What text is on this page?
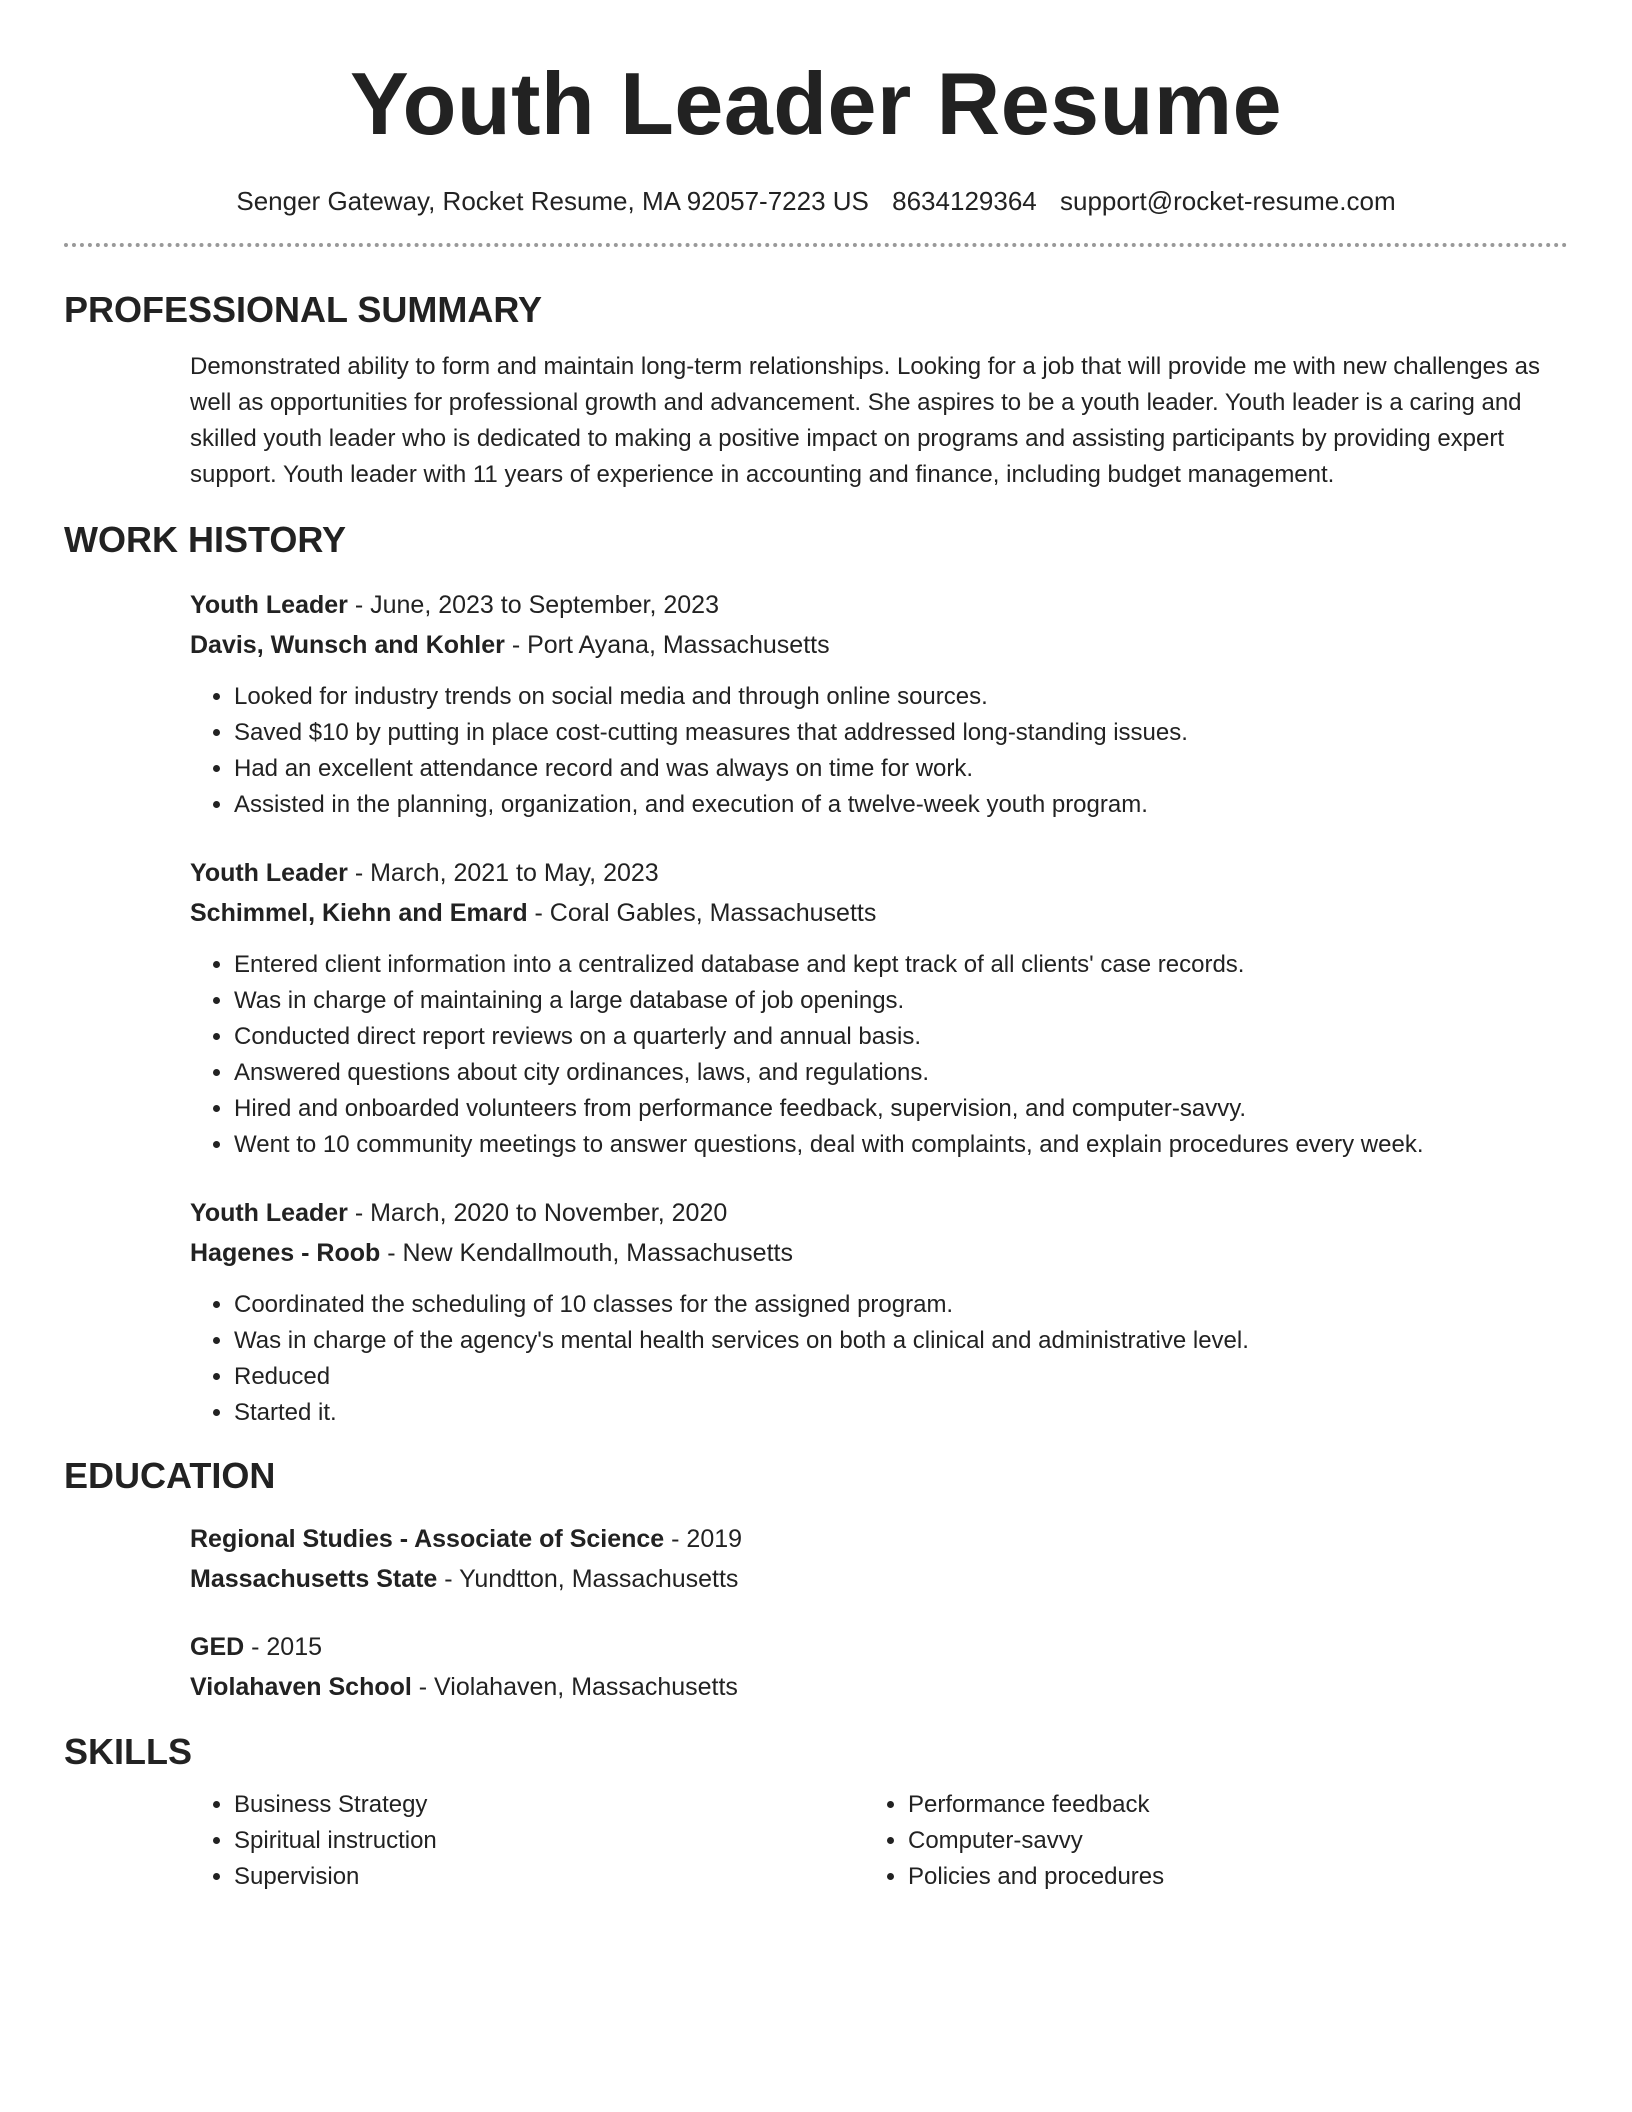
Youth Leader Resume
Senger Gateway, Rocket Resume, MA 92057-7223 US 8634129364 support@rocket-resume.com
PROFESSIONAL SUMMARY

Demonstrated ability to form and maintain long-term relationships. Looking for a job that will provide me with new challenges as well as opportunities for professional growth and advancement. She aspires to be a youth leader. Youth leader is a caring and skilled youth leader who is dedicated to making a positive impact on programs and assisting participants by providing expert support. Youth leader with 11 years of experience in accounting and finance, including budget management.

WORK HISTORY
Youth Leader - June, 2023 to September, 2023
Davis, Wunsch and Kohler - Port Ayana, Massachusetts
• Looked for industry trends on social media and through online sources.
• Saved $10 by putting in place cost-cutting measures that addressed long-standing issues.
• Had an excellent attendance record and was always on time for work.
• Assisted in the planning, organization, and execution of a twelve-week youth program.
Youth Leader - March, 2021 to May, 2023
Schimmel, Kiehn and Emard - Coral Gables, Massachusetts
• Entered client information into a centralized database and kept track of all clients' case records.
• Was in charge of maintaining a large database of job openings.
• Conducted direct report reviews on a quarterly and annual basis.
• Answered questions about city ordinances, laws, and regulations.
• Hired and onboarded volunteers from performance feedback, supervision, and computer-savvy.
• Went to 10 community meetings to answer questions, deal with complaints, and explain procedures every week.
Youth Leader - March, 2020 to November, 2020
Hagenes - Roob - New Kendallmouth, Massachusetts
• Coordinated the scheduling of 10 classes for the assigned program.
• Was in charge of the agency's mental health services on both a clinical and administrative level.
• Reduced
• Started it.
EDUCATION
Regional Studies - Associate of Science - 2019
Massachusetts State - Yundtton, Massachusetts
GED - 2015
Violahaven School - Violahaven, Massachusetts
SKILLS
• Business Strategy
• Spiritual instruction
• Supervision
• Performance feedback
• Computer-savvy
• Policies and procedures
